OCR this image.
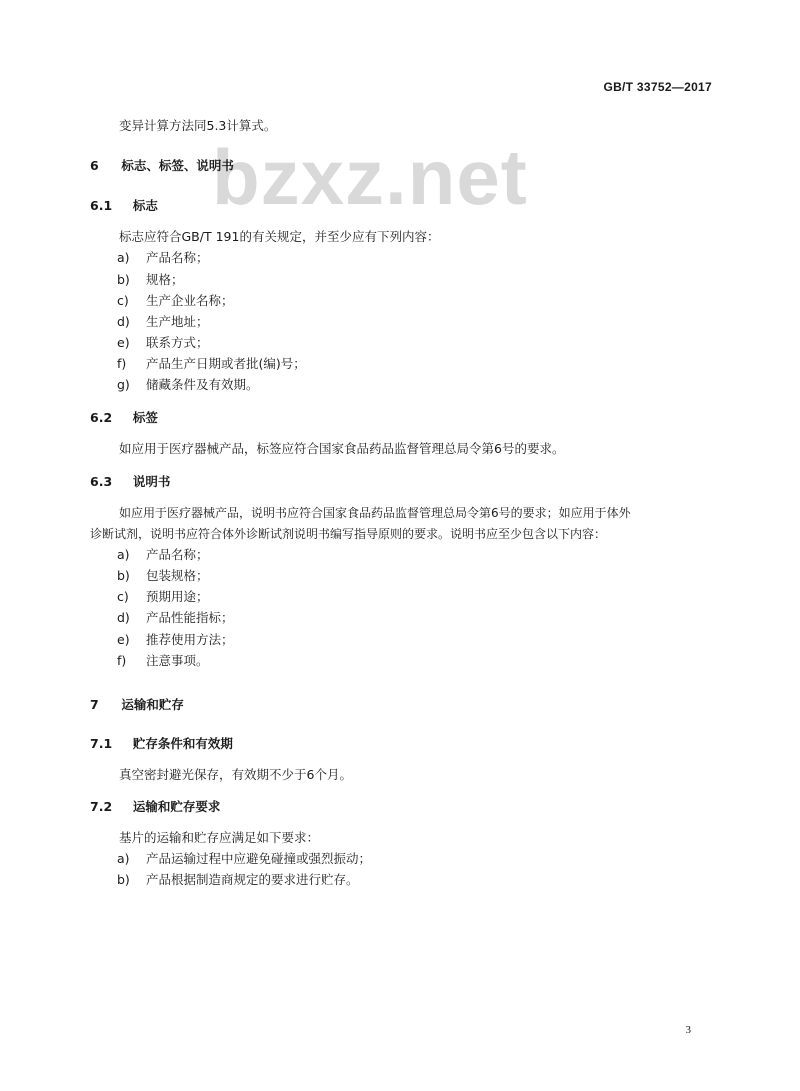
GB/T 33752—2017
bzxz.net
变异计算方法同5.3计算式。
6 标志、标签、说明书
6.1 标志
标志应符合GB/T 191的有关规定，并至少应有下列内容：
a) 产品名称；
b) 规格；
c) 生产企业名称；
d) 生产地址；
e) 联系方式；
f) 产品生产日期或者批(编)号；
g) 储藏条件及有效期。
6.2 标签
如应用于医疗器械产品，标签应符合国家食品药品监督管理总局令第6号的要求。
6.3 说明书
如应用于医疗器械产品，说明书应符合国家食品药品监督管理总局令第6号的要求；如应用于体外
诊断试剂，说明书应符合体外诊断试剂说明书编写指导原则的要求。说明书应至少包含以下内容：
a) 产品名称；
b) 包装规格；
c) 预期用途；
d) 产品性能指标；
e) 推荐使用方法；
f) 注意事项。
7 运输和贮存
7.1 贮存条件和有效期
真空密封避光保存，有效期不少于6个月。
7.2 运输和贮存要求
基片的运输和贮存应满足如下要求：
a) 产品运输过程中应避免碰撞或强烈振动；
b) 产品根据制造商规定的要求进行贮存。
3
